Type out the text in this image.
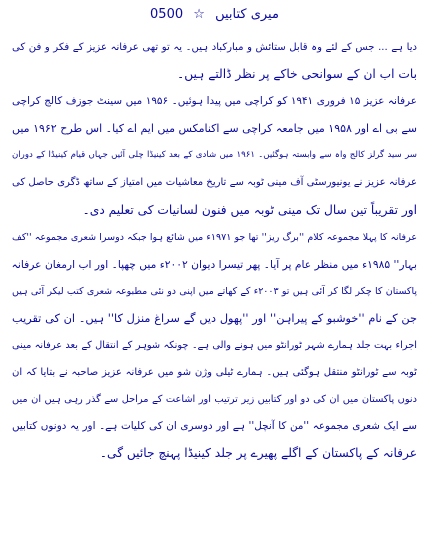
میری کتابیں ☆ 0500
دیا ہے ... جس کے لئے وہ قابل ستائش و مبارکباد ہیں۔ یہ تو تھی عرفانہ عزیز کے فکر و فن کی
بات اب ان کے سوانحی خاکے پر نظر ڈالتے ہیں۔
عرفانہ عزیز ۱۵ فروری ۱۹۴۱ کو کراچی میں پیدا ہوئیں۔ ۱۹۵۶ میں سینٹ جوزف کالج کراچی
سے بی اے اور ۱۹۵۸ میں جامعہ کراچی سے اکنامکس میں ایم اے کیا۔ اس طرح ۱۹۶۲ میں
سر سید گرلز کالج واہ سے وابستہ ہوگئیں۔ ۱۹۶۱ میں شادی کے بعد کینیڈا چلی آئیں جہاں قیام کینیڈا کے دوران
عرفانہ عزیز نے یونیورسٹی آف مینی ٹوبہ سے تاریخ معاشیات میں امتیاز کے ساتھ ڈگری حاصل کی
اور تقریباً تین سال تک مینی ٹوبہ میں فنون لسانیات کی تعلیم دی۔
عرفانہ کا پہلا مجموعہ کلام ''برگ ریز'' تھا جو ۱۹۷۱ء میں شائع ہوا جبکہ دوسرا شعری مجموعہ ''کف
بہار'' ۱۹۸۵ء میں منظر عام پر آیا۔ پھر تیسرا دیوان ۲۰۰۲ء میں چھپا۔ اور اب ارمغان عرفانہ
پاکستان کا چکر لگا کر آئی ہیں تو ۲۰۰۳ء کے کھاتے میں اپنی دو نئی مطبوعہ شعری کتب لیکر آئی ہیں
جن کے نام ''خوشبو کے پیراہن'' اور ''پھول دیں گے سراغ منزل کا'' ہیں۔ ان کی تقریب
اجراء بہت جلد ہمارے شہر ٹورانٹو میں ہونے والی ہے۔ چونکہ شوہر کے انتقال کے بعد عرفانہ مینی
ٹوبہ سے ٹورانٹو منتقل ہوگئی ہیں۔ ہمارے ٹیلی وژن شو میں عرفانہ عزیز صاحبہ نے بتایا کہ ان
دنوں پاکستان میں ان کی دو اور کتابیں زیر ترتیب اور اشاعت کے مراحل سے گذر رہی ہیں ان میں
سے ایک شعری مجموعہ ''من کا آنچل'' ہے اور دوسری ان کی کلیات ہے۔ اور یہ دونوں کتابیں
عرفانہ کے پاکستان کے اگلے پھیرے پر جلد کینیڈا پہنچ جائیں گی۔
